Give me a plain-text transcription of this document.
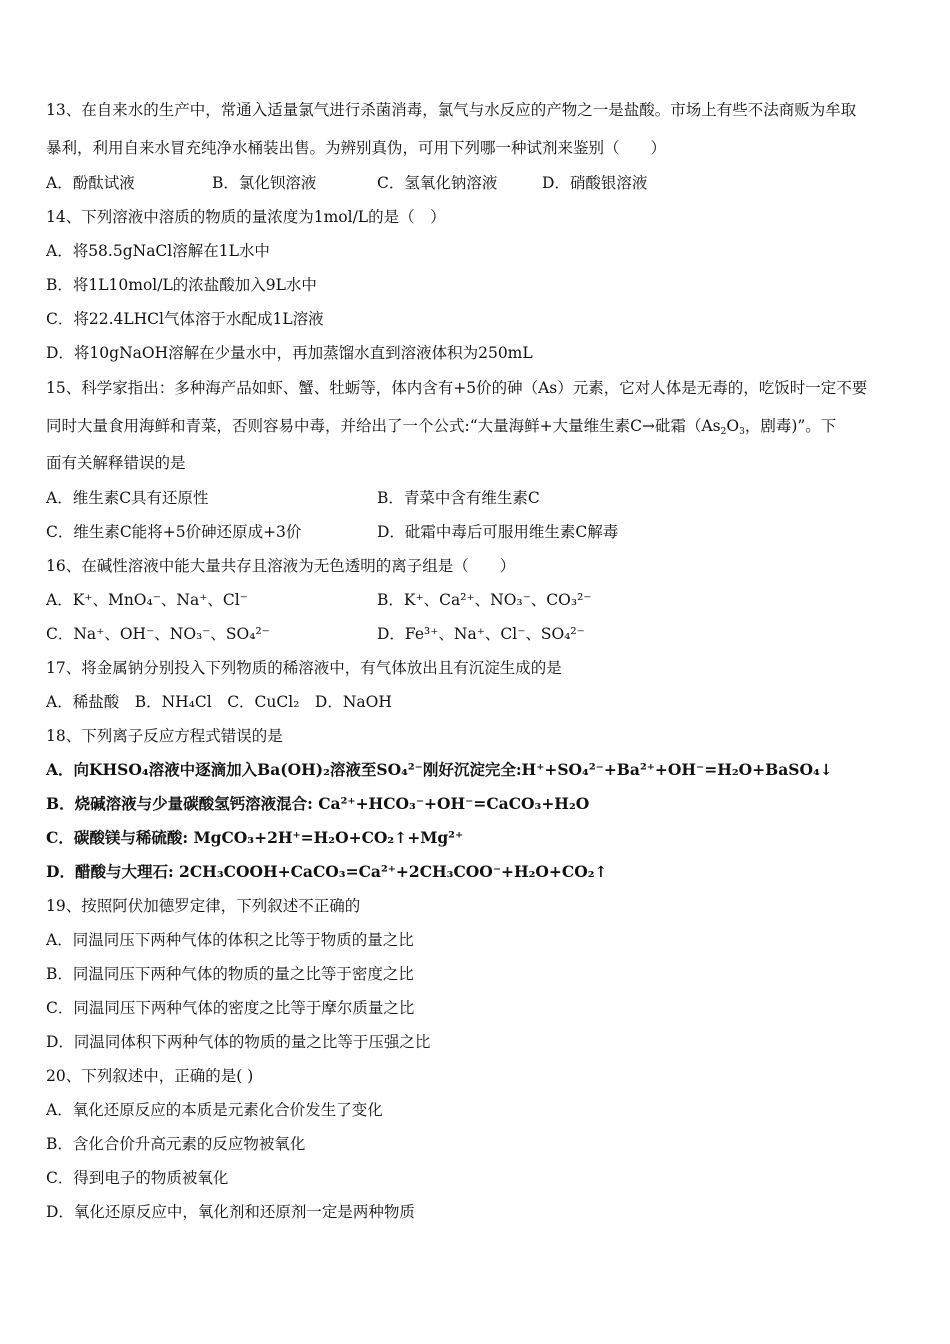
13、在自来水的生产中，常通入适量氯气进行杀菌消毒，氯气与水反应的产物之一是盐酸。市场上有些不法商贩为牟取
暴利，利用自来水冒充纯净水桶装出售。为辨别真伪，可用下列哪一种试剂来鉴别（　　）
A．酚酞试液	B．氯化钡溶液	C．氢氧化钠溶液	D．硝酸银溶液
14、下列溶液中溶质的物质的量浓度为1mol/L的是（　）
A．将58.5gNaCl溶解在1L水中
B．将1L10mol/L的浓盐酸加入9L水中
C．将22.4LHCl气体溶于水配成1L溶液
D．将10gNaOH溶解在少量水中，再加蒸馏水直到溶液体积为250mL
15、科学家指出：多种海产品如虾、蟹、牡蛎等，体内含有+5价的砷（As）元素，它对人体是无毒的，吃饭时一定不要
同时大量食用海鲜和青菜，否则容易中毒，并给出了一个公式:“大量海鲜+大量维生素C→砒霜（$As_2O_3$，剧毒)”。下
面有关解释错误的是
A．维生素C具有还原性	B．青菜中含有维生素C
C．维生素C能将+5价砷还原成+3价	D．砒霜中毒后可服用维生素C解毒
16、在碱性溶液中能大量共存且溶液为无色透明的离子组是（　　）
A．K⁺、MnO₄⁻、Na⁺、Cl⁻	B．K⁺、Ca²⁺、NO₃⁻、CO₃²⁻
C．Na⁺、OH⁻、NO₃⁻、SO₄²⁻	D．Fe³⁺、Na⁺、Cl⁻、SO₄²⁻
17、将金属钠分别投入下列物质的稀溶液中，有气体放出且有沉淀生成的是
A．稀盐酸　B．NH₄Cl　C．CuCl₂　D．NaOH
18、下列离子反应方程式错误的是
A．向KHSO₄溶液中逐滴加入Ba(OH)₂溶液至SO₄²⁻刚好沉淀完全:H⁺+SO₄²⁻+Ba²⁺+OH⁻=H₂O+BaSO₄↓
B．烧碱溶液与少量碳酸氢钙溶液混合: Ca²⁺+HCO₃⁻+OH⁻=CaCO₃+H₂O
C．碳酸镁与稀硫酸: MgCO₃+2H⁺=H₂O+CO₂↑+Mg²⁺
D．醋酸与大理石: 2CH₃COOH+CaCO₃=Ca²⁺+2CH₃COO⁻+H₂O+CO₂↑
19、按照阿伏加德罗定律，下列叙述不正确的
A．同温同压下两种气体的体积之比等于物质的量之比
B．同温同压下两种气体的物质的量之比等于密度之比
C．同温同压下两种气体的密度之比等于摩尔质量之比
D．同温同体积下两种气体的物质的量之比等于压强之比
20、下列叙述中，正确的是( )
A．氧化还原反应的本质是元素化合价发生了变化
B．含化合价升高元素的反应物被氧化
C．得到电子的物质被氧化
D．氧化还原反应中，氧化剂和还原剂一定是两种物质
